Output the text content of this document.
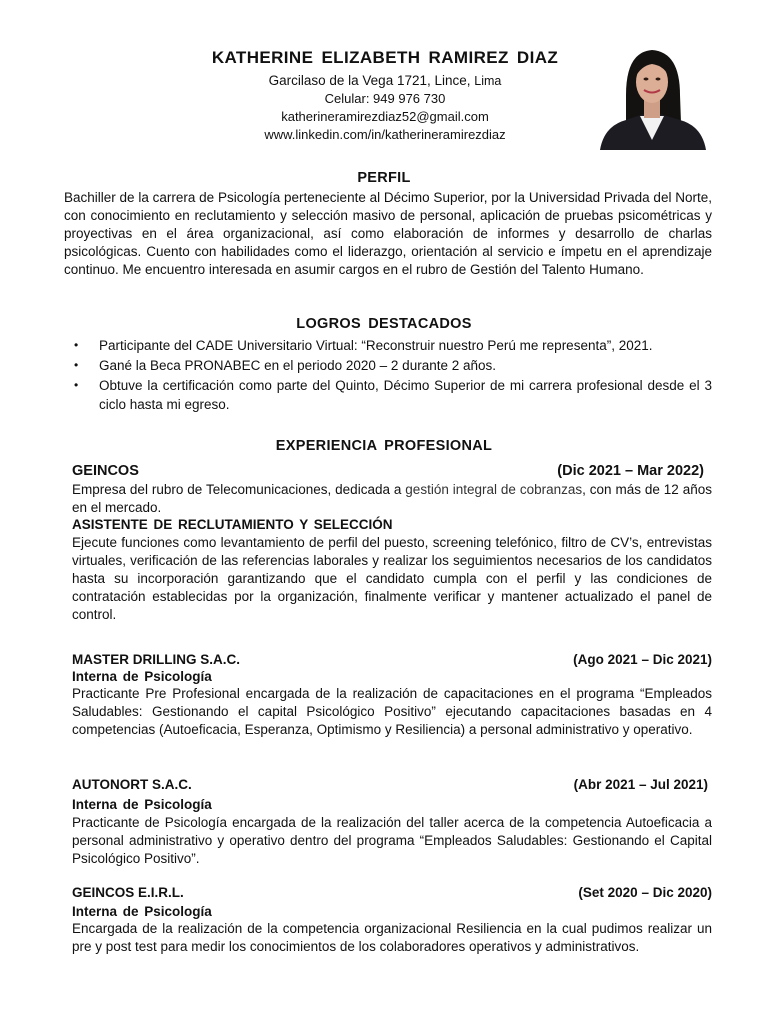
KATHERINE ELIZABETH RAMIREZ DIAZ
Garcilaso de la Vega 1721, Lince, Lima
Celular: 949 976 730
katherineramirezdiaz52@gmail.com
www.linkedin.com/in/katherineramirezdiaz
PERFIL
Bachiller de la carrera de Psicología perteneciente al Décimo Superior, por la Universidad Privada del Norte, con conocimiento en reclutamiento y selección masivo de personal, aplicación de pruebas psicométricas y proyectivas en el área organizacional, así como elaboración de informes y desarrollo de charlas psicológicas. Cuento con habilidades como el liderazgo, orientación al servicio e ímpetu en el aprendizaje continuo. Me encuentro interesada en asumir cargos en el rubro de Gestión del Talento Humano.
LOGROS DESTACADOS
• Participante del CADE Universitario Virtual: “Reconstruir nuestro Perú me representa”, 2021.
• Gané la Beca PRONABEC en el periodo 2020 – 2 durante 2 años.
• Obtuve la certificación como parte del Quinto, Décimo Superior de mi carrera profesional desde el 3 ciclo hasta mi egreso.
EXPERIENCIA PROFESIONAL
GEINCOS	(Dic 2021 – Mar 2022)
Empresa del rubro de Telecomunicaciones, dedicada a gestión integral de cobranzas, con más de 12 años en el mercado.
ASISTENTE DE RECLUTAMIENTO Y SELECCIÓN
Ejecute funciones como levantamiento de perfil del puesto, screening telefónico, filtro de CV’s, entrevistas virtuales, verificación de las referencias laborales y realizar los seguimientos necesarios de los candidatos hasta su incorporación garantizando que el candidato cumpla con el perfil y las condiciones de contratación establecidas por la organización, finalmente verificar y mantener actualizado el panel de control.
MASTER DRILLING S.A.C.	(Ago 2021 – Dic 2021)
Interna de Psicología
Practicante Pre Profesional encargada de la realización de capacitaciones en el programa “Empleados Saludables: Gestionando el capital Psicológico Positivo” ejecutando capacitaciones basadas en 4 competencias (Autoeficacia, Esperanza, Optimismo y Resiliencia) a personal administrativo y operativo.
AUTONORT S.A.C.	(Abr 2021 – Jul 2021)
Interna de Psicología
Practicante de Psicología encargada de la realización del taller acerca de la competencia Autoeficacia a personal administrativo y operativo dentro del programa “Empleados Saludables: Gestionando el Capital Psicológico Positivo”.
GEINCOS E.I.R.L.	(Set 2020 – Dic 2020)
Interna de Psicología
Encargada de la realización de la competencia organizacional Resiliencia en la cual pudimos realizar un pre y post test para medir los conocimientos de los colaboradores operativos y administrativos.
